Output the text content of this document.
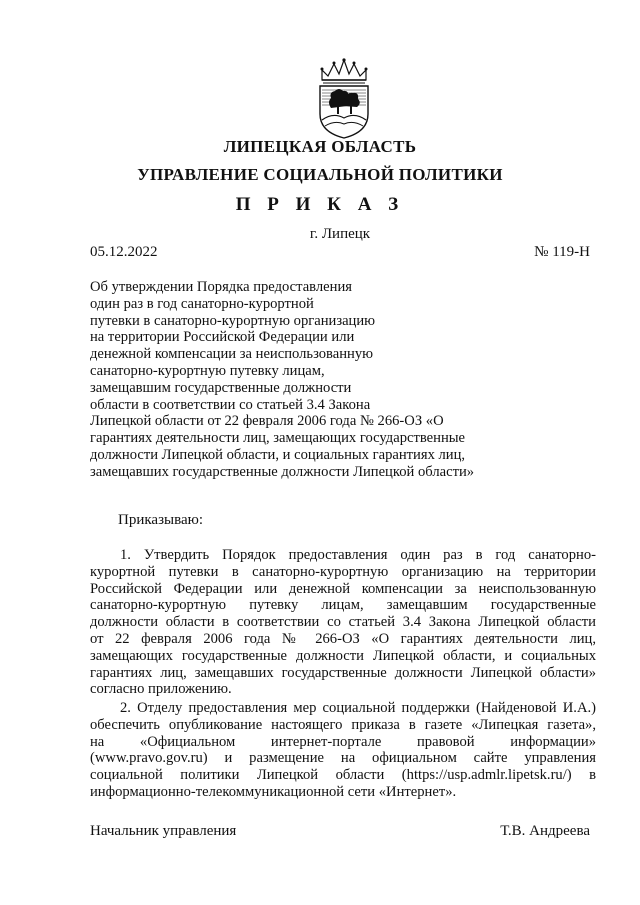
ЛИПЕЦКАЯ ОБЛАСТЬ
УПРАВЛЕНИЕ СОЦИАЛЬНОЙ ПОЛИТИКИ
П Р И К А З
г. Липецк
05.12.2022	№ 119-Н
Об утверждении Порядка предоставления
один раз в год санаторно-курортной
путевки в санаторно-курортную организацию
на территории Российской Федерации или
денежной компенсации за неиспользованную
санаторно-курортную путевку лицам,
замещавшим государственные должности
области в соответствии со статьей 3.4 Закона
Липецкой области от 22 февраля 2006 года № 266-ОЗ «О
гарантиях деятельности лиц, замещающих государственные
должности Липецкой области, и социальных гарантиях лиц,
замещавших государственные должности Липецкой области»
Приказываю:
1. Утвердить Порядок предоставления один раз в год санаторно-
курортной путевки в санаторно-курортную организацию на территории
Российской Федерации или денежной компенсации за неиспользованную
санаторно-курортную путевку лицам, замещавшим государственные
должности области в соответствии со статьей 3.4 Закона Липецкой области
от 22 февраля 2006 года № 266-ОЗ «О гарантиях деятельности лиц,
замещающих государственные должности Липецкой области, и социальных
гарантиях лиц, замещавших государственные должности Липецкой области»
согласно приложению.
2. Отделу предоставления мер социальной поддержки (Найденовой И.А.)
обеспечить опубликование настоящего приказа в газете «Липецкая газета»,
на «Официальном интернет-портале правовой информации»
(www.pravo.gov.ru) и размещение на официальном сайте управления
социальной политики Липецкой области (https://usp.admlr.lipetsk.ru/) в
информационно-телекоммуникационной сети «Интернет».
Начальник управления	Т.В. Андреева
